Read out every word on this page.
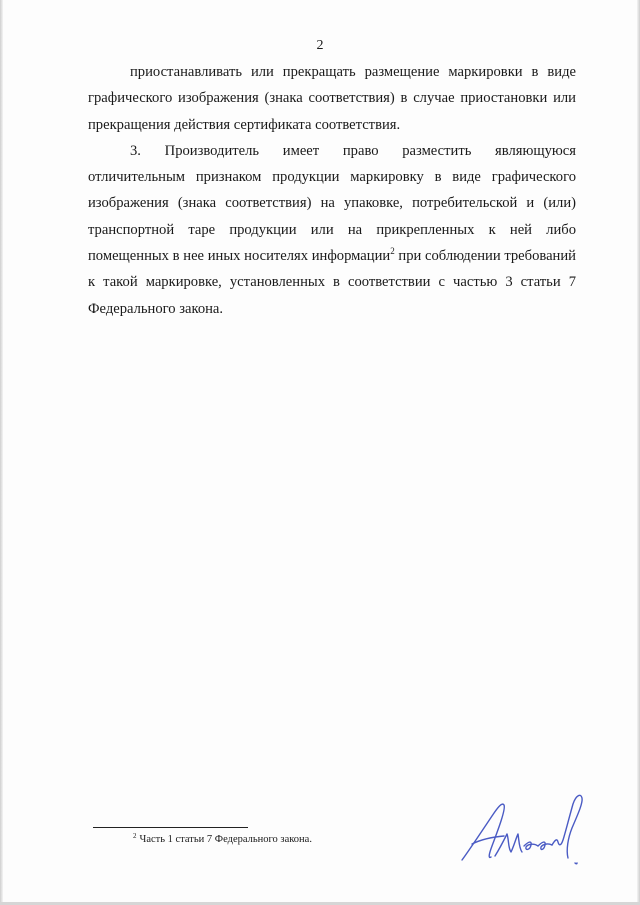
2

приостанавливать или прекращать размещение маркировки в виде графического изображения (знака соответствия) в случае приостановки или прекращения действия сертификата соответствия.

3. Производитель имеет право разместить являющуюся отличительным признаком продукции маркировку в виде графического изображения (знака соответствия) на упаковке, потребительской и (или) транспортной таре продукции или на прикрепленных к ней либо помещенных в нее иных носителях информации$^2$ при соблюдении требований к такой маркировке, установленных в соответствии с частью 3 статьи 7 Федерального закона.

$^2$ Часть 1 статьи 7 Федерального закона.
